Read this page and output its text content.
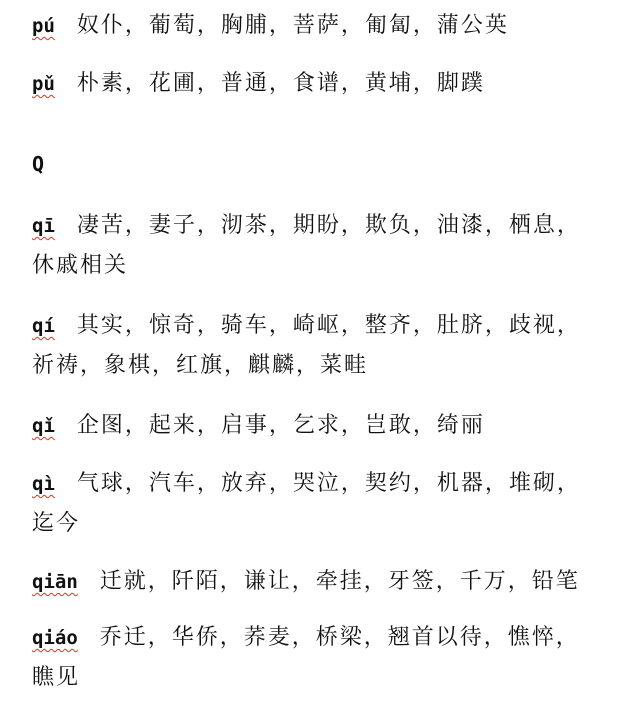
pú 奴仆，葡萄，胸脯，菩萨，匍匐，蒲公英
pǔ 朴素，花圃，普通，食谱，黄埔，脚蹼
Q
qī 凄苦，妻子，沏茶，期盼，欺负，油漆，栖息，
休戚相关
qí 其实，惊奇，骑车，崎岖，整齐，肚脐，歧视，
祈祷，象棋，红旗，麒麟，菜畦
qǐ 企图，起来，启事，乞求，岂敢，绮丽
qì 气球，汽车，放弃，哭泣，契约，机器，堆砌，
迄今
qiān 迁就，阡陌，谦让，牵挂，牙签，千万，铅笔
qiáo 乔迁，华侨，荞麦，桥梁，翘首以待，憔悴，
瞧见
